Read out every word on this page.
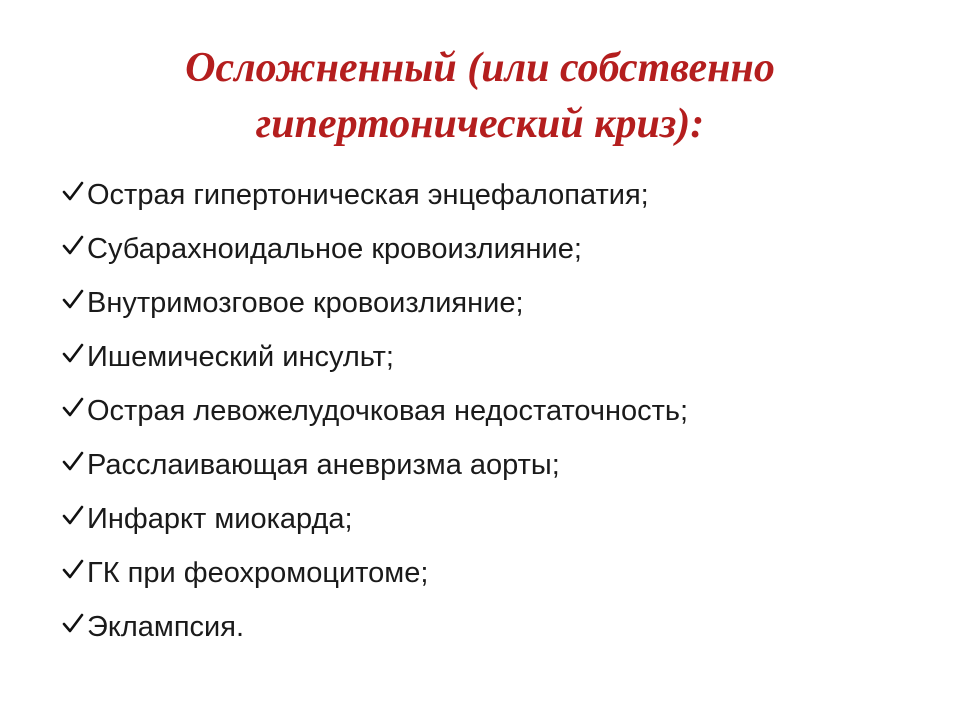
Осложненный (или собственно
гипертонический криз):
Острая гипертоническая энцефалопатия;
Субарахноидальное кровоизлияние;
Внутримозговое кровоизлияние;
Ишемический инсульт;
Острая левожелудочковая недостаточность;
Расслаивающая аневризма аорты;
Инфаркт миокарда;
ГК при феохромоцитоме;
Эклампсия.
